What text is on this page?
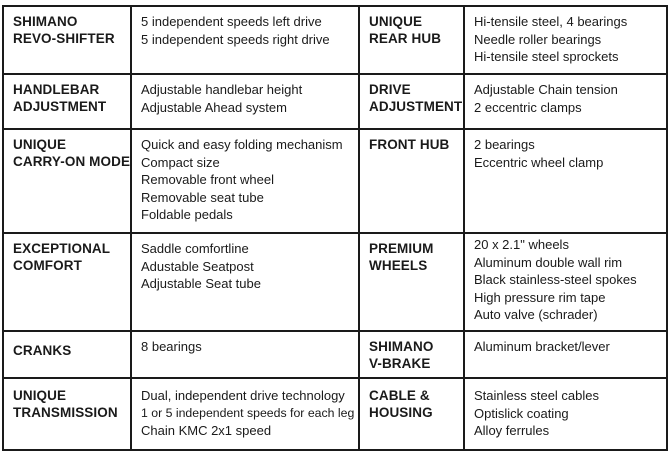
SHIMANO
REVO-SHIFTER	5 independent speeds left drive
5 independent speeds right drive	UNIQUE
REAR HUB	Hi-tensile steel, 4 bearings
Needle roller bearings
Hi-tensile steel sprockets

HANDLEBAR
ADJUSTMENT	Adjustable handlebar height
Adjustable Ahead system	DRIVE
ADJUSTMENT	Adjustable Chain tension
2 eccentric clamps

UNIQUE
CARRY-ON MODE	Quick and easy folding mechanism
Compact size
Removable front wheel
Removable seat tube
Foldable pedals	FRONT HUB	2 bearings
Eccentric wheel clamp

EXCEPTIONAL
COMFORT	Saddle comfortline
Adustable Seatpost
Adjustable Seat tube	PREMIUM
WHEELS	20 x 2.1" wheels
Aluminum double wall rim
Black stainless-steel spokes
High pressure rim tape
Auto valve (schrader)

CRANKS	8 bearings	SHIMANO
V-BRAKE	Aluminum bracket/lever

UNIQUE
TRANSMISSION	Dual, independent drive technology
1 or 5 independent speeds for each leg
Chain KMC 2x1 speed	CABLE &
HOUSING	Stainless steel cables
Optislick coating
Alloy ferrules
